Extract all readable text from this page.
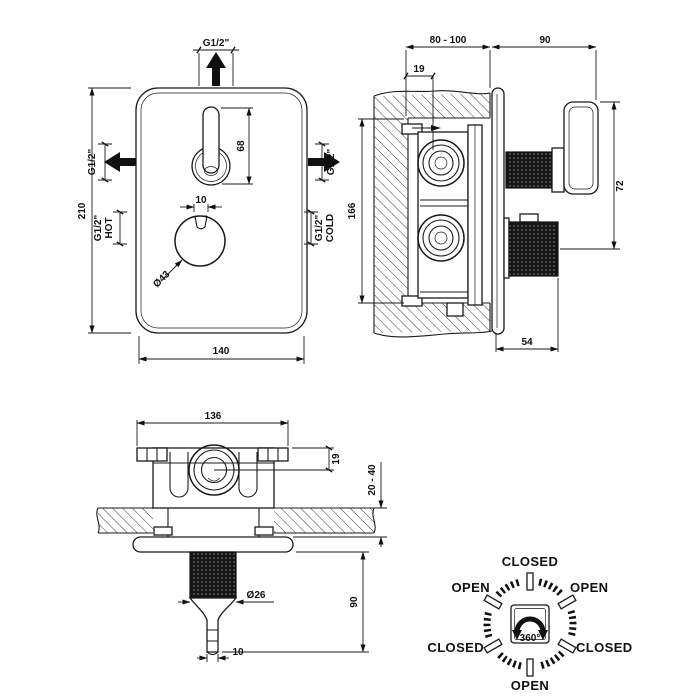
68
10
Ø43
G1/2"
G1/2"	G1/2"
G1/2" HOT	G1/2" COLD
210
140
80 - 100	90
19
166
72
54
136
19
20 - 40
90
Ø26
10
360°
CLOSED
OPEN	OPEN
CLOSED	CLOSED
OPEN
